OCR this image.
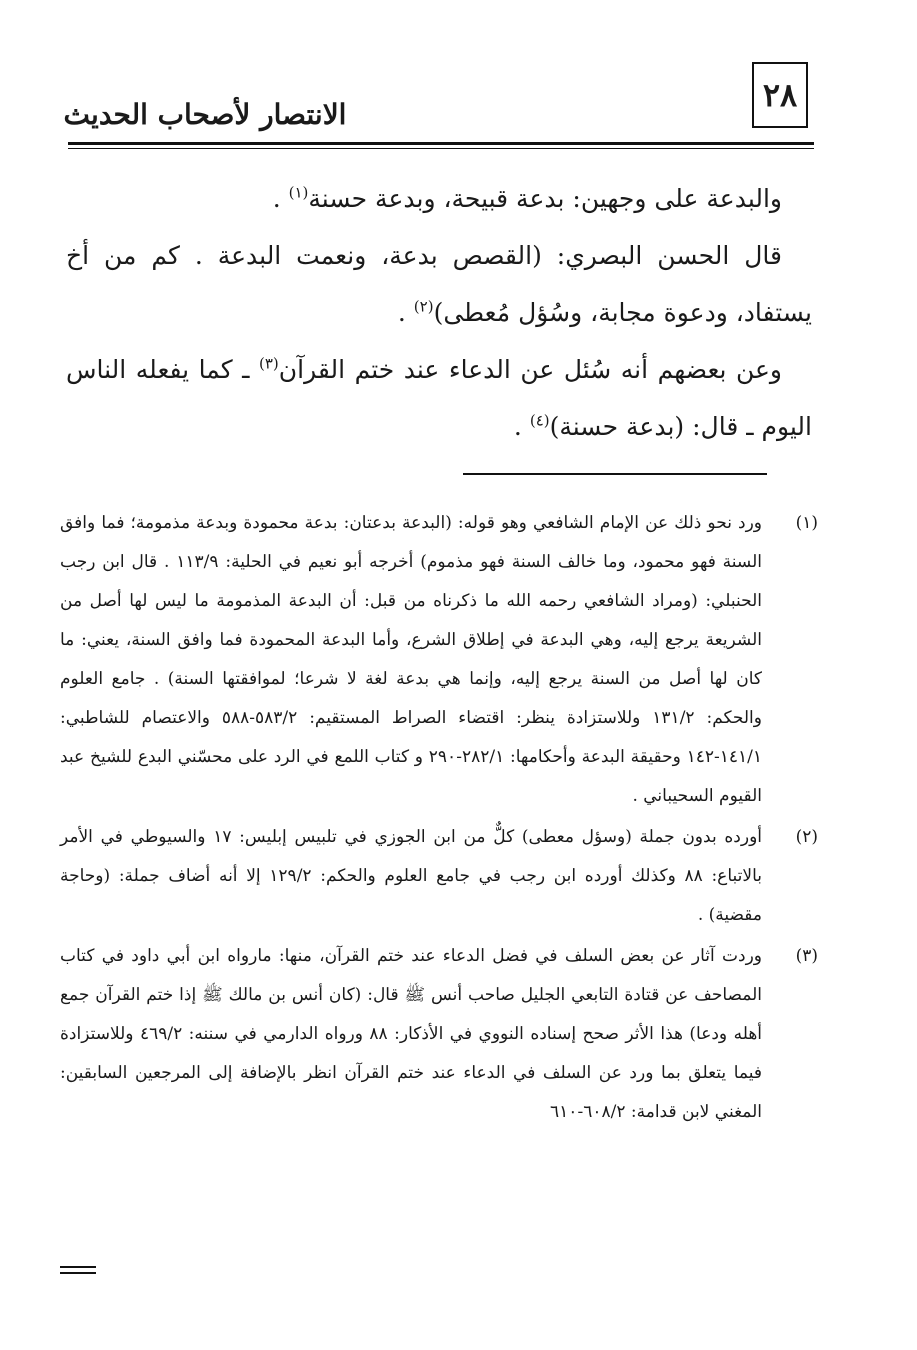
٢٨
الانتصار لأصحاب الحديث

والبدعة على وجهين: بدعة قبيحة، وبدعة حسنة$^{(١)}$ .

قال الحسن البصري: (القصص بدعة، ونعمت البدعة . كم من أخ يستفاد، ودعوة مجابة، وسُؤل مُعطى)$^{(٢)}$ .

وعن بعضهم أنه سُئل عن الدعاء عند ختم القرآن$^{(٣)}$ ـ كما يفعله الناس اليوم ـ قال: (بدعة حسنة)$^{(٤)}$ .

(١)
ورد نحو ذلك عن الإمام الشافعي وهو قوله: (البدعة بدعتان: بدعة محمودة وبدعة مذمومة؛ فما وافق السنة فهو محمود، وما خالف السنة فهو مذموم) أخرجه أبو نعيم في الحلية: ١١٣/٩ . قال ابن رجب الحنبلي: (ومراد الشافعي رحمه الله ما ذكرناه من قبل: أن البدعة المذمومة ما ليس لها أصل من الشريعة يرجع إليه، وهي البدعة في إطلاق الشرع، وأما البدعة المحمودة فما وافق السنة، يعني: ما كان لها أصل من السنة يرجع إليه، وإنما هي بدعة لغة لا شرعا؛ لموافقتها السنة) . جامع العلوم والحكم: ١٣١/٢ وللاستزادة ينظر: اقتضاء الصراط المستقيم: ٥٨٣/٢-٥٨٨ والاعتصام للشاطبي: ١٤١/١-١٤٢ وحقيقة البدعة وأحكامها: ٢٨٢/١-٢٩٠ و كتاب اللمع في الرد على محسّني البدع للشيخ عبد القيوم السحيباني .
(٢)
أورده بدون جملة (وسؤل معطى) كلٌّ من ابن الجوزي في تلبيس إبليس: ١٧ والسيوطي في الأمر بالاتباع: ٨٨ وكذلك أورده ابن رجب في جامع العلوم والحكم: ١٢٩/٢ إلا أنه أضاف جملة: (وحاجة مقضية) .
(٣)
وردت آثار عن بعض السلف في فضل الدعاء عند ختم القرآن، منها: مارواه ابن أبي داود في كتاب المصاحف عن قتادة التابعي الجليل صاحب أنس ﷺ قال: (كان أنس بن مالك ﷺ إذا ختم القرآن جمع أهله ودعا) هذا الأثر صحح إسناده النووي في الأذكار: ٨٨ ورواه الدارمي في سننه: ٤٦٩/٢ وللاستزادة فيما يتعلق بما ورد عن السلف في الدعاء عند ختم القرآن انظر بالإضافة إلى المرجعين السابقين: المغني لابن قدامة: ٦٠٨/٢-٦١٠
